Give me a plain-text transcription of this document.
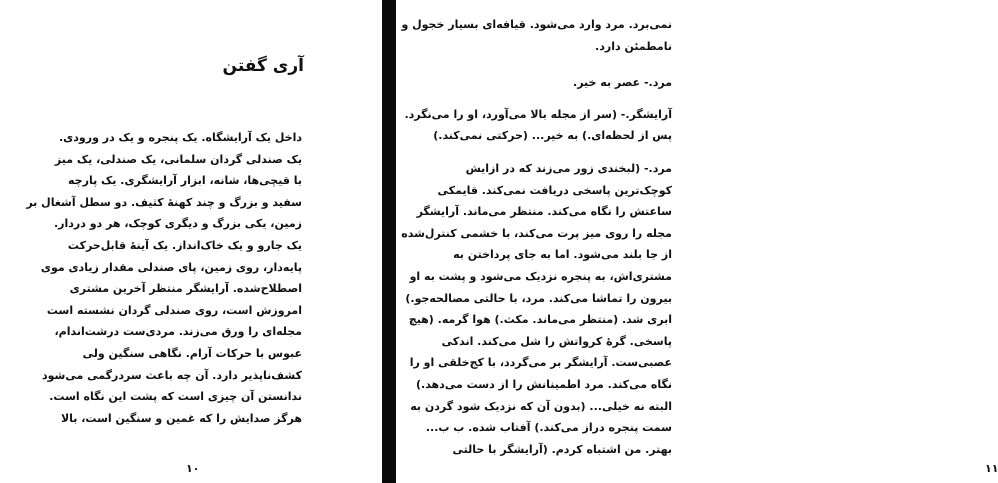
آری گفتن
داخل یک آرایشگاه. یک پنجره و یک در ورودی.
یک صندلی گردان سلمانی، یک صندلی، یک میز
با قیچی‌ها، شانه، ابزار آرایشگری. یک پارچه
سفید و بزرگ و چند کهنهٔ کثیف. دو سطل آشغال بر
زمین، یکی بزرگ و دیگری کوچک، هر دو دردار.
یک جارو و یک خاک‌انداز. یک آینهٔ قابل‌حرکت
پایه‌دار، روی زمین، پای صندلی مقدار زیادی موی
اصطلاح‌شده. آرایشگر منتظر آخرین مشتری
امروزش است، روی صندلی گردان نشسته است
مجله‌ای را ورق می‌زند. مردی‌ست درشت‌اندام،
عبوس با حرکات آرام. نگاهی سنگین ولی
کشف‌ناپذیر دارد. آن چه باعث سردرگمی می‌شود
ندانستن آن چیزی است که پشت این نگاه است.
هرگز صدایش را که غمین و سنگین است، بالا
۱۰
نمی‌برد. مرد وارد می‌شود. قیافه‌ای بسیار خجول و
نامطمئن دارد.
مرد.- عصر به خیر.
آرایشگر.- (سر از مجله بالا می‌آورد، او را می‌نگرد.
پس از لحظه‌ای.) به خیر... (حرکتی نمی‌کند.)
مرد.- (لبخندی زور می‌زند که در ازایش
کوچک‌ترین پاسخی دریافت نمی‌کند. قایمکی
ساعتش را نگاه می‌کند. منتظر می‌ماند. آرایشگر
مجله را روی میز پرت می‌کند، با خشمی کنترل‌شده
از جا بلند می‌شود. اما به جای پرداختن به
مشتری‌اش، به پنجره نزدیک می‌شود و پشت به او
بیرون را تماشا می‌کند. مرد، با حالتی مصالحه‌جو.)
ابری شد. (منتظر می‌ماند. مکث.) هوا گرمه. (هیچ
پاسخی. گرهٔ کرواتش را شل می‌کند. اندکی
عصبی‌ست. آرایشگر بر می‌گردد، با کج‌خلقی او را
نگاه می‌کند. مرد اطمینانش را از دست می‌دهد.)
البته نه خیلی... (بدون آن که نزدیک شود گردن به
سمت پنجره دراز می‌کند.) آفتاب شده. ب ب...
بهتر. من اشتباه کردم. (آرایشگر با حالتی
۱۱
